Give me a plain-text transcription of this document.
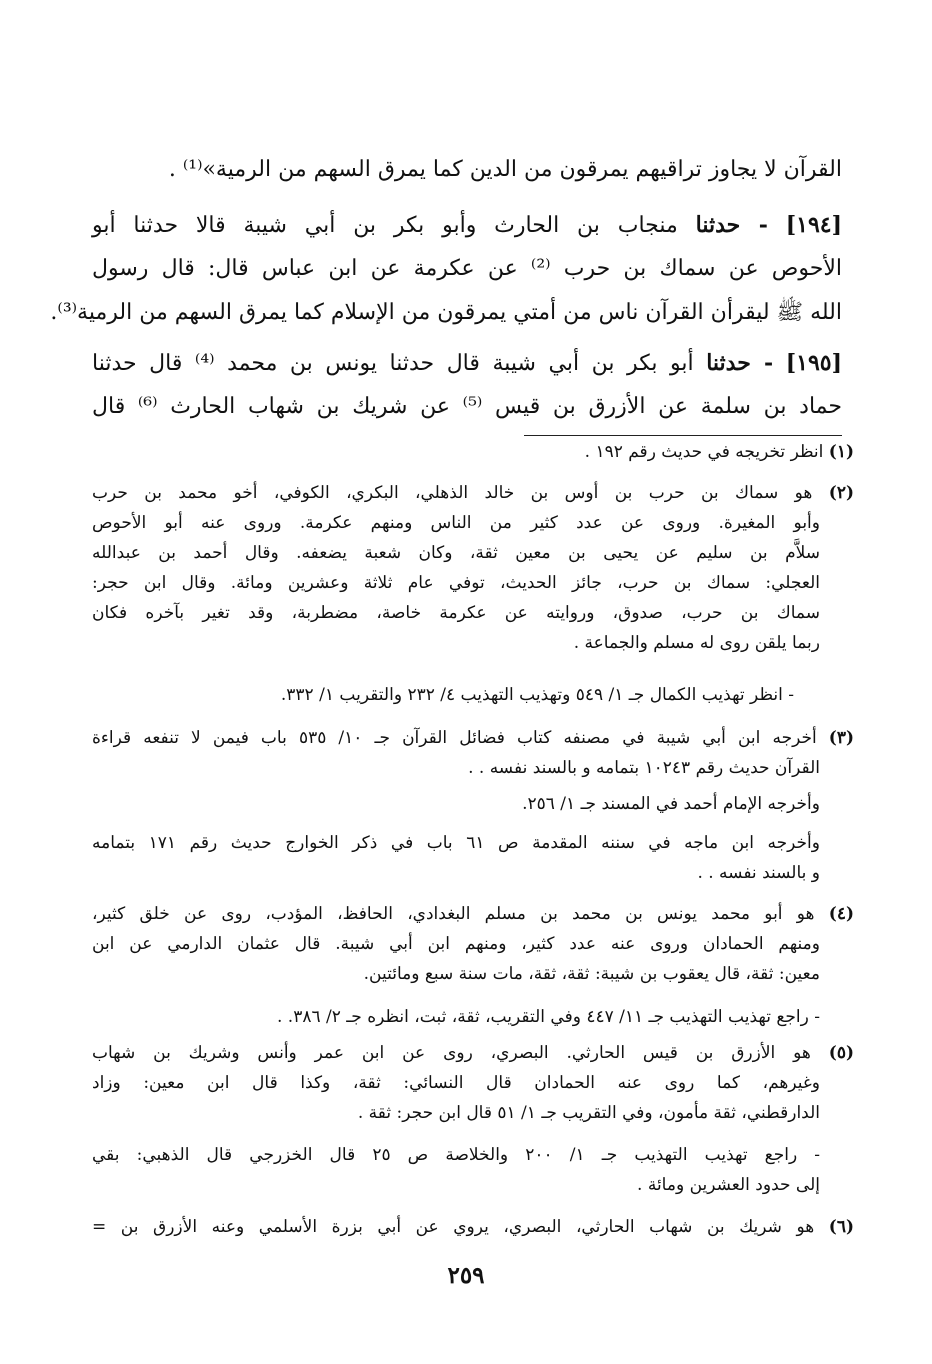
القرآن لا يجاوز تراقيهم يمرقون من الدين كما يمرق السهم من الرمية»⁽¹⁾ .
[١٩٤] - حدثنا منجاب بن الحارث وأبو بكر بن أبي شيبة قالا حدثنا أبو
الأحوص عن سماك بن حرب ⁽²⁾ عن عكرمة عن ابن عباس قال: قال رسول
الله ﷺ ليقرأن القرآن ناس من أمتي يمرقون من الإسلام كما يمرق السهم من الرمية⁽³⁾.
[١٩٥] - حدثنا أبو بكر بن أبي شيبة قال حدثنا يونس بن محمد ⁽⁴⁾ قال حدثنا
حماد بن سلمة عن الأزرق بن قيس ⁽⁵⁾ عن شريك بن شهاب الحارث ⁽⁶⁾ قال
(١) انظر تخريجه في حديث رقم ١٩٢ .
(٢) هو سماك بن حرب بن أوس بن خالد الذهلي، البكري، الكوفي، أخو محمد بن حرب
وأبو المغيرة. وروى عن عدد كثير من الناس ومنهم عكرمة. وروى عنه أبو الأحوص
سلاَّم بن سليم عن يحيى بن معين ثقة، وكان شعبة يضعفه. وقال أحمد بن عبدالله
العجلي: سماك بن حرب، جائز الحديث، توفي عام ثلاثة وعشرين ومائة. وقال ابن حجر:
سماك بن حرب، صدوق، وروايته عن عكرمة خاصة، مضطربة، وقد تغير بآخره فكان
ربما يلقن روى له مسلم والجماعة .
- انظر تهذيب الكمال جـ ١/ ٥٤٩ وتهذيب التهذيب ٤/ ٢٣٢ والتقريب ١/ ٣٣٢.
(٣) أخرجه ابن أبي شيبة في مصنفه كتاب فضائل القرآن جـ ١٠/ ٥٣٥ باب فيمن لا تنفعه قراءة
القرآن حديث رقم ١٠٢٤٣ بتمامه و بالسند نفسه . .
وأخرجه الإمام أحمد في المسند جـ ١/ ٢٥٦.
وأخرجه ابن ماجه في سننه المقدمة ص ٦١ باب في ذكر الخوارج حديث رقم ١٧١ بتمامه
و بالسند نفسه . .
(٤) هو أبو محمد يونس بن محمد بن مسلم البغدادي، الحافظ، المؤدب، روى عن خلق كثير،
ومنهم الحمادان وروى عنه عدد كثير، ومنهم ابن أبي شيبة. قال عثمان الدارمي عن ابن
معين: ثقة، قال يعقوب بن شيبة: ثقة، ثقة، مات سنة سبع ومائتين.
- راجع تهذيب التهذيب جـ ١١/ ٤٤٧ وفي التقريب، ثقة، ثبت، انظره جـ ٢/ ٣٨٦. .
(٥) هو الأزرق بن قيس الحارثي. البصري، روى عن ابن عمر وأنس وشريك بن شهاب
وغيرهم، كما روى عنه الحمادان قال النسائي: ثقة، وكذا قال ابن معين: وزاد
الدارقطني، ثقة مأمون، وفي التقريب جـ ١/ ٥١ قال ابن حجر: ثقة .
- راجع تهذيب التهذيب جـ ١/ ٢٠٠ والخلاصة ص ٢٥ قال الخزرجي قال الذهبي: بقي
إلى حدود العشرين ومائة .
(٦) هو شريك بن شهاب الحارثي، البصري، يروي عن أبي بزرة الأسلمي وعنه الأزرق بن =
٢٥٩
